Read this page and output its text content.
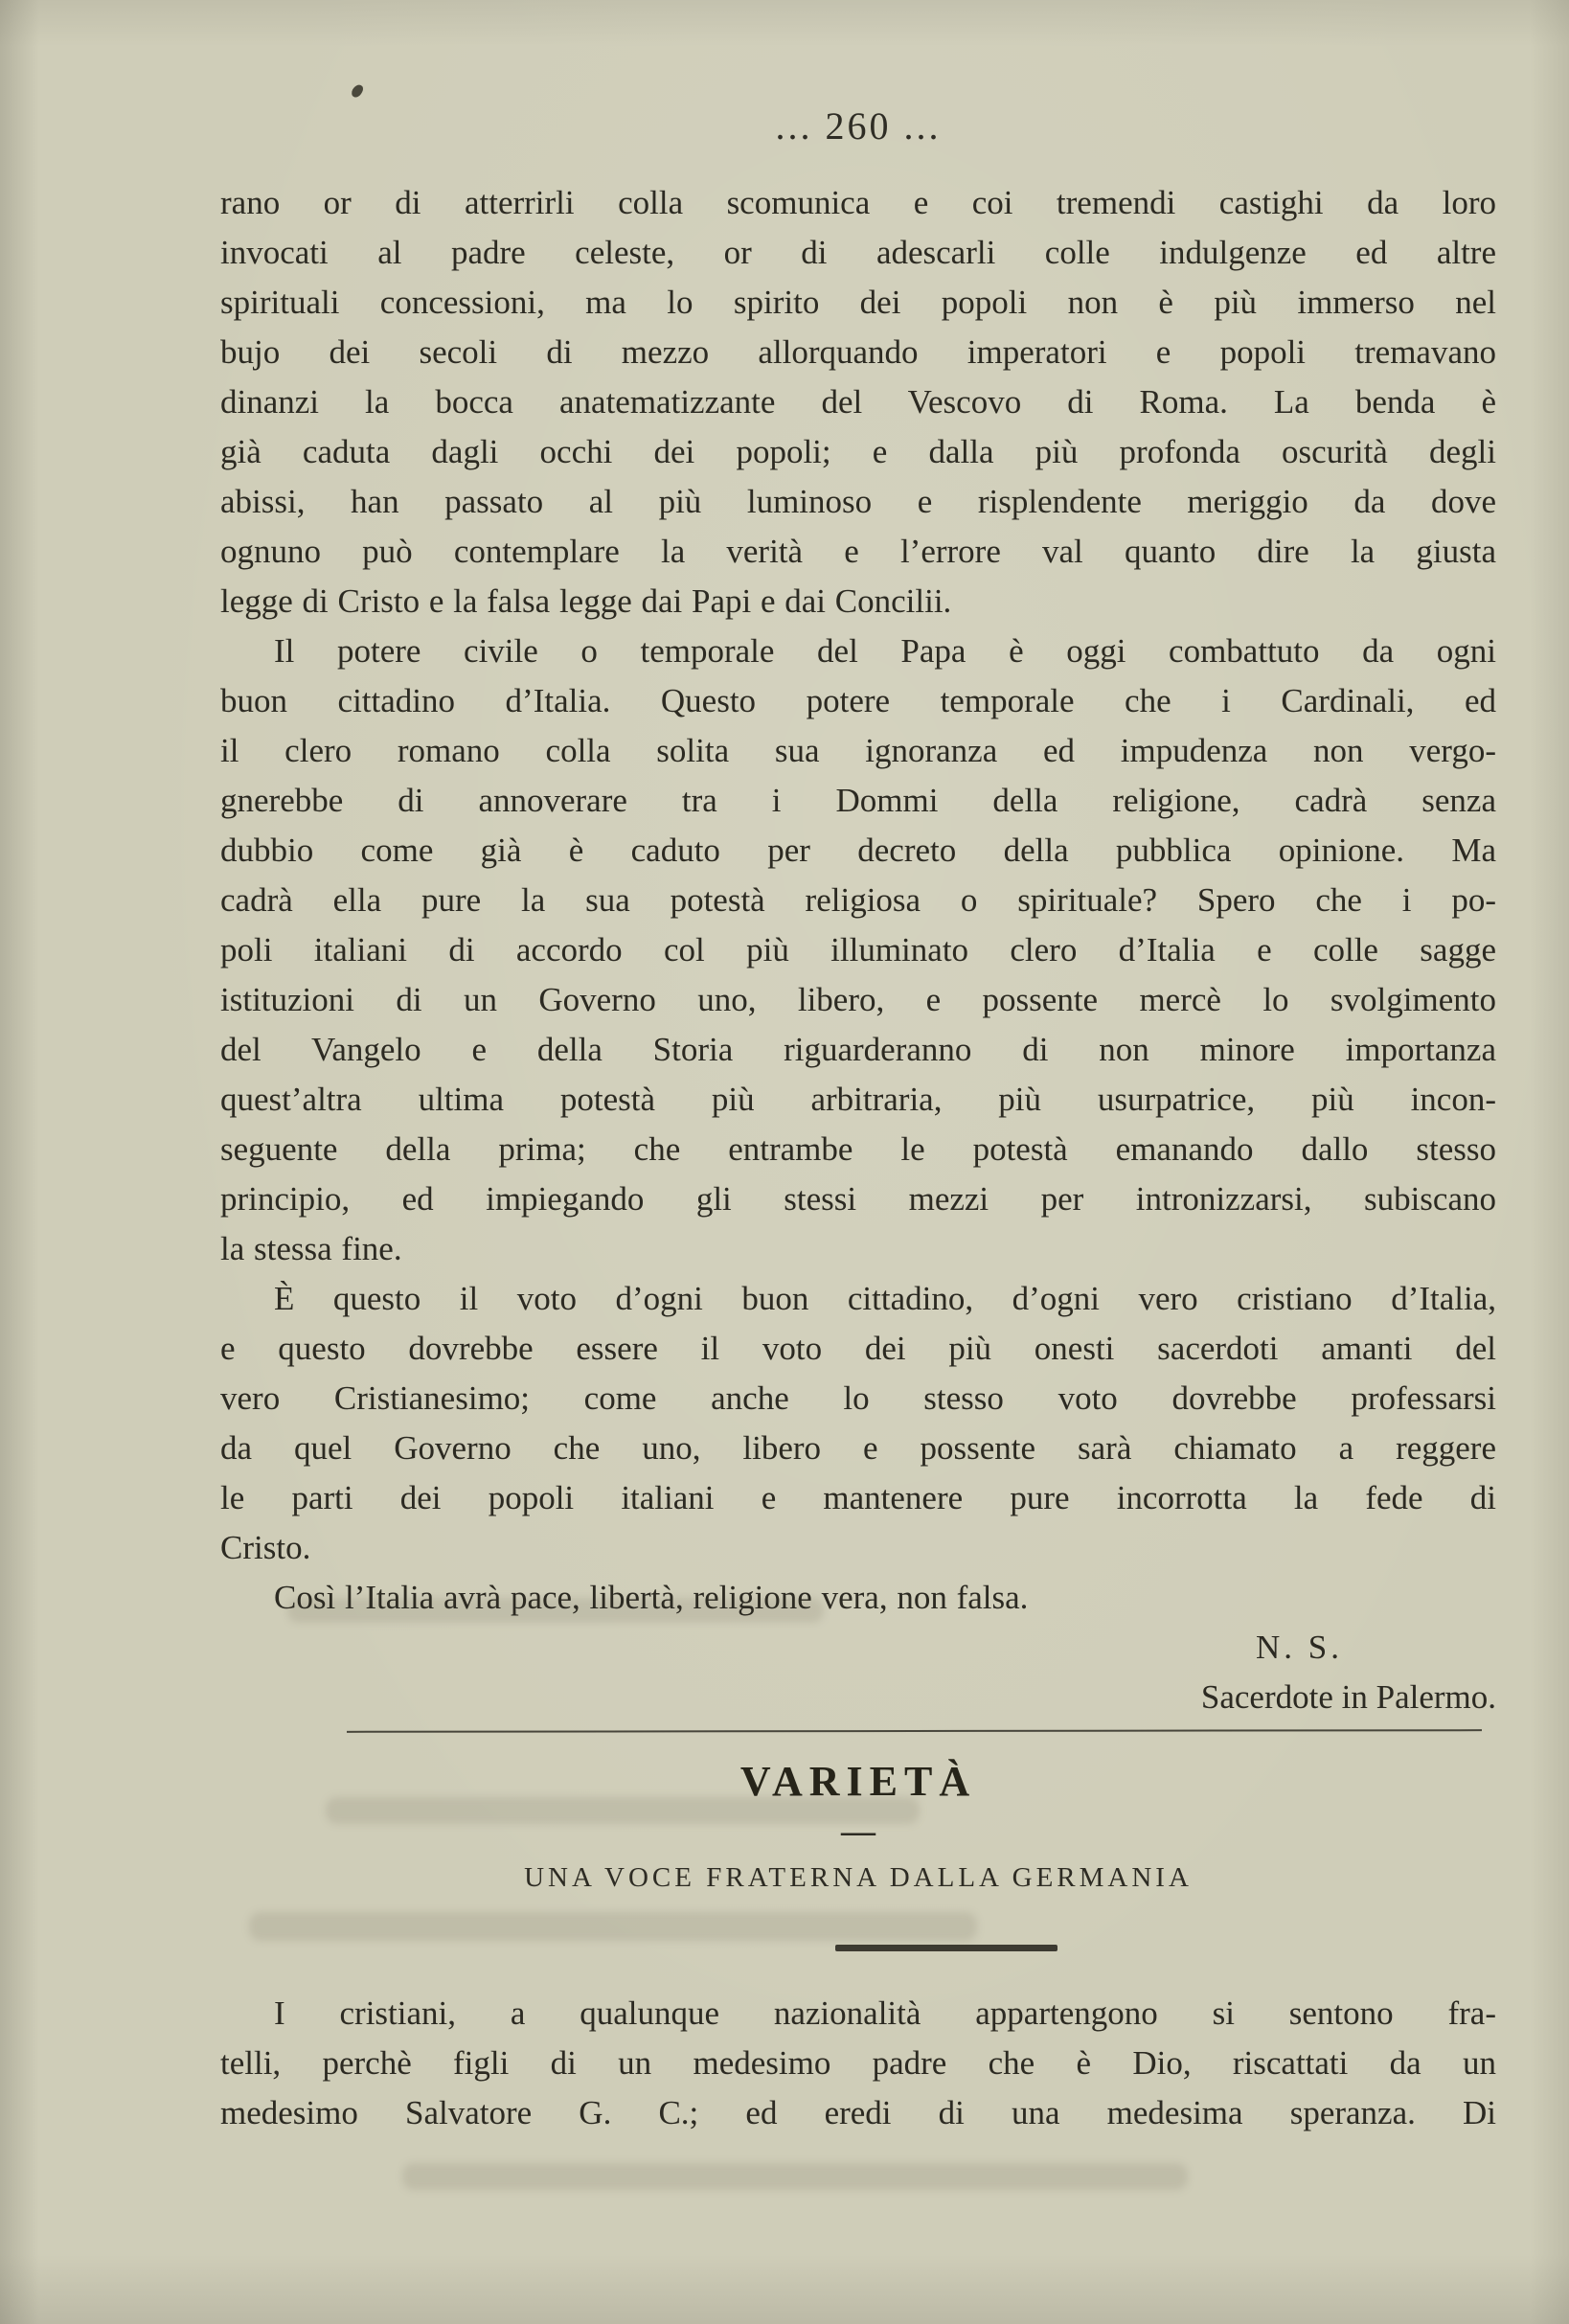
... 260 ...
rano or di atterrirli colla scomunica e coi tremendi castighi da loro
invocati al padre celeste, or di adescarli colle indulgenze ed altre
spirituali concessioni, ma lo spirito dei popoli non è più immerso nel
bujo dei secoli di mezzo allorquando imperatori e popoli tremavano
dinanzi la bocca anatematizzante del Vescovo di Roma. La benda è
già caduta dagli occhi dei popoli; e dalla più profonda oscurità degli
abissi, han passato al più luminoso e risplendente meriggio da dove
ognuno può contemplare la verità e l’errore val quanto dire la giusta
legge di Cristo e la falsa legge dai Papi e dai Concilii.
Il potere civile o temporale del Papa è oggi combattuto da ogni
buon cittadino d’Italia. Questo potere temporale che i Cardinali, ed
il clero romano colla solita sua ignoranza ed impudenza non vergo-
gnerebbe di annoverare tra i Dommi della religione, cadrà senza
dubbio come già è caduto per decreto della pubblica opinione. Ma
cadrà ella pure la sua potestà religiosa o spirituale? Spero che i po-
poli italiani di accordo col più illuminato clero d’Italia e colle sagge
istituzioni di un Governo uno, libero, e possente mercè lo svolgimento
del Vangelo e della Storia riguarderanno di non minore importanza
quest’altra ultima potestà più arbitraria, più usurpatrice, più incon-
seguente della prima; che entrambe le potestà emanando dallo stesso
principio, ed impiegando gli stessi mezzi per intronizzarsi, subiscano
la stessa fine.
È questo il voto d’ogni buon cittadino, d’ogni vero cristiano d’Italia,
e questo dovrebbe essere il voto dei più onesti sacerdoti amanti del
vero Cristianesimo; come anche lo stesso voto dovrebbe professarsi
da quel Governo che uno, libero e possente sarà chiamato a reggere
le parti dei popoli italiani e mantenere pure incorrotta la fede di
Cristo.
Così l’Italia avrà pace, libertà, religione vera, non falsa.
N. S.
Sacerdote in Palermo.
VARIETÀ
—
UNA VOCE FRATERNA DALLA GERMANIA
I cristiani, a qualunque nazionalità appartengono si sentono fra-
telli, perchè figli di un medesimo padre che è Dio, riscattati da un
medesimo Salvatore G. C.; ed eredi di una medesima speranza. Di
